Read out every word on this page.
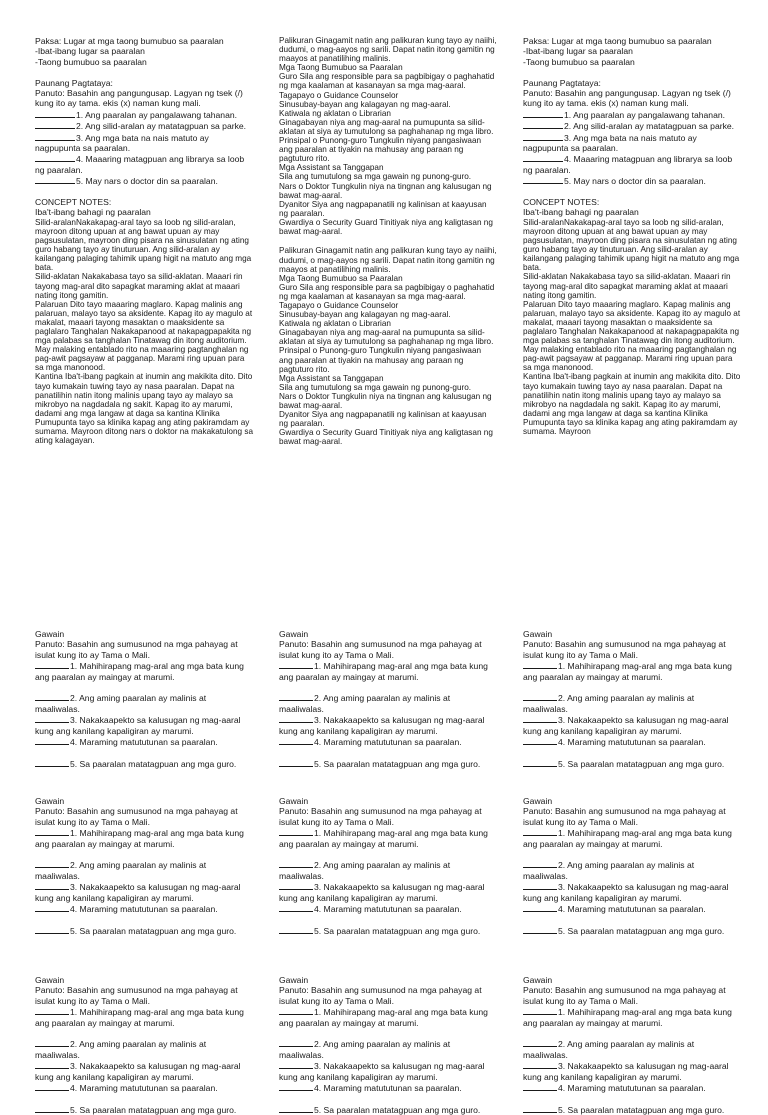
Paksa: Lugar at mga taong bumubuo sa paaralan

-Ibat-ibang lugar sa paaralan

-Taong bumubuo sa paaralan

Paunang Pagtataya:

Panuto: Basahin ang pangungusap. Lagyan ng tsek (/) kung ito ay tama. ekis (x) naman kung mali.

1. Ang paaralan ay pangalawang tahanan.

2. Ang silid-aralan ay matatagpuan sa parke.

3. Ang mga bata na nais matuto ay nagpupunta sa paaralan.

4. Maaaring matagpuan ang librarya sa loob ng paaralan.

5. May nars o doctor din sa paaralan.

CONCEPT NOTES:

Iba't-ibang bahagi ng paaralan

Silid-aralanNakakapag-aral tayo sa loob ng silid-aralan, mayroon ditong upuan at ang bawat upuan ay may pagsusulatan, mayroon ding pisara na sinusulatan ng ating guro habang tayo ay tinuturuan. Ang silid-aralan ay kailangang palaging tahimik upang higit na matuto ang mga bata.
Silid-aklatan Nakakabasa tayo sa silid-aklatan. Maaari rin tayong mag-aral dito sapagkat maraming aklat at maaari nating itong gamitin.
Palaruan Dito tayo maaaring maglaro. Kapag malinis ang palaruan, malayo tayo sa aksidente. Kapag ito ay magulo at makalat, maaari tayong masaktan o maaksidente sa paglalaro Tanghalan Nakakapanood at nakapagpapakita ng mga palabas sa tanghalan Tinatawag din itong auditorium. May malaking entablado rito na maaaring pagtanghalan ng pag-awit pagsayaw at pagganap. Marami ring upuan para sa mga manonood.
Kantina Iba't-ibang pagkain at inumin ang makikita dito. Dito tayo kumakain tuwing tayo ay nasa paaralan. Dapat na panatilihin natin itong malinis upang tayo ay malayo sa mikrobyo na nagdadala ng sakit. Kapag ito ay marumi, dadami ang mga langaw at daga sa kantina Klinika Pumupunta tayo sa klinika kapag ang ating pakiramdam ay sumama. Mayroon ditong nars o doktor na makakatulong sa ating kalagayan.
Palikuran Ginagamit natin ang palikuran kung tayo ay naiihi, dudumi, o mag-aayos ng sarili. Dapat natin itong gamitin ng maayos at panatilihing malinis.
Mga Taong Bumubuo sa Paaralan
Guro Sila ang responsible para sa pagbibigay o paghahatid ng mga kaalaman at kasanayan sa mga mag-aaral.
Tagapayo o Guidance Counselor
Sinusubay-bayan ang kalagayan ng mag-aaral.
Katiwala ng aklatan o Librarian
Ginagabayan niya ang mag-aaral na pumupunta sa silid-aklatan at siya ay tumutulong sa paghahanap ng mga libro.
Prinsipal o Punong-guro Tungkulin niyang pangasiwaan ang paaralan at tiyakin na mahusay ang paraan ng pagtuturo rito.
Mga Assistant sa Tanggapan
Sila ang tumutulong sa mga gawain ng punong-guro.
Nars o Doktor Tungkulin niya na tingnan ang kalusugan ng bawat mag-aaral.
Dyanitor Siya ang nagpapanatili ng kalinisan at kaayusan ng paaralan.
Gwardiya o Security Guard Tinitiyak niya ang kaligtasan ng bawat mag-aaral.
Palikuran Ginagamit natin ang palikuran kung tayo ay naiihi, dudumi, o mag-aayos ng sarili. Dapat natin itong gamitin ng maayos at panatilihing malinis.
Mga Taong Bumubuo sa Paaralan
Guro Sila ang responsible para sa pagbibigay o paghahatid ng mga kaalaman at kasanayan sa mga mag-aaral.
Tagapayo o Guidance Counselor
Sinusubay-bayan ang kalagayan ng mag-aaral.
Katiwala ng aklatan o Librarian
Ginagabayan niya ang mag-aaral na pumupunta sa silid-aklatan at siya ay tumutulong sa paghahanap ng mga libro.
Prinsipal o Punong-guro Tungkulin niyang pangasiwaan ang paaralan at tiyakin na mahusay ang paraan ng pagtuturo rito.
Mga Assistant sa Tanggapan
Sila ang tumutulong sa mga gawain ng punong-guro.
Nars o Doktor Tungkulin niya na tingnan ang kalusugan ng bawat mag-aaral.
Dyanitor Siya ang nagpapanatili ng kalinisan at kaayusan ng paaralan.
Gwardiya o Security Guard Tinitiyak niya ang kaligtasan ng bawat mag-aaral.

Paksa: Lugar at mga taong bumubuo sa paaralan

-Ibat-ibang lugar sa paaralan

-Taong bumubuo sa paaralan

Paunang Pagtataya:

Panuto: Basahin ang pangungusap. Lagyan ng tsek (/) kung ito ay tama. ekis (x) naman kung mali.

1. Ang paaralan ay pangalawang tahanan.

2. Ang silid-aralan ay matatagpuan sa parke.

3. Ang mga bata na nais matuto ay nagpupunta sa paaralan.

4. Maaaring matagpuan ang librarya sa loob ng paaralan.

5. May nars o doctor din sa paaralan.

CONCEPT NOTES:

Iba't-ibang bahagi ng paaralan

Silid-aralanNakakapag-aral tayo sa loob ng silid-aralan, mayroon ditong upuan at ang bawat upuan ay may pagsusulatan, mayroon ding pisara na sinusulatan ng ating guro habang tayo ay tinuturuan. Ang silid-aralan ay kailangang palaging tahimik upang higit na matuto ang mga bata.
Silid-aklatan Nakakabasa tayo sa silid-aklatan. Maaari rin tayong mag-aral dito sapagkat maraming aklat at maaari nating itong gamitin.
Palaruan Dito tayo maaaring maglaro. Kapag malinis ang palaruan, malayo tayo sa aksidente. Kapag ito ay magulo at makalat, maaari tayong masaktan o maaksidente sa paglalaro Tanghalan Nakakapanood at nakapagpapakita ng mga palabas sa tanghalan Tinatawag din itong auditorium. May malaking entablado rito na maaaring pagtanghalan ng pag-awit pagsayaw at pagganap. Marami ring upuan para sa mga manonood.
Kantina Iba't-ibang pagkain at inumin ang makikita dito. Dito tayo kumakain tuwing tayo ay nasa paaralan. Dapat na panatilihin natin itong malinis upang tayo ay malayo sa mikrobyo na nagdadala ng sakit. Kapag ito ay marumi, dadami ang mga langaw at daga sa kantina Klinika Pumupunta tayo sa klinika kapag ang ating pakiramdam ay sumama. Mayroon

Gawain

Panuto: Basahin ang sumusunod na mga pahayag at isulat kung ito ay Tama o Mali.

1. Mahihirapang mag-aral ang mga bata kung ang paaralan ay maingay at marumi.

2. Ang aming paaralan ay malinis at maaliwalas.

3. Nakakaapekto sa kalusugan ng mag-aaral kung ang kanilang kapaligiran ay marumi.

4. Maraming matututunan sa paaralan.

5. Sa paaralan matatagpuan ang mga guro.

Gawain

Panuto: Basahin ang sumusunod na mga pahayag at isulat kung ito ay Tama o Mali.

1. Mahihirapang mag-aral ang mga bata kung ang paaralan ay maingay at marumi.

2. Ang aming paaralan ay malinis at maaliwalas.

3. Nakakaapekto sa kalusugan ng mag-aaral kung ang kanilang kapaligiran ay marumi.

4. Maraming matututunan sa paaralan.

5. Sa paaralan matatagpuan ang mga guro.

Gawain

Panuto: Basahin ang sumusunod na mga pahayag at isulat kung ito ay Tama o Mali.

1. Mahihirapang mag-aral ang mga bata kung ang paaralan ay maingay at marumi.

2. Ang aming paaralan ay malinis at maaliwalas.

3. Nakakaapekto sa kalusugan ng mag-aaral kung ang kanilang kapaligiran ay marumi.

4. Maraming matututunan sa paaralan.

5. Sa paaralan matatagpuan ang mga guro.

Gawain

Panuto: Basahin ang sumusunod na mga pahayag at isulat kung ito ay Tama o Mali.

1. Mahihirapang mag-aral ang mga bata kung ang paaralan ay maingay at marumi.

2. Ang aming paaralan ay malinis at maaliwalas.

3. Nakakaapekto sa kalusugan ng mag-aaral kung ang kanilang kapaligiran ay marumi.

4. Maraming matututunan sa paaralan.

5. Sa paaralan matatagpuan ang mga guro.

Gawain

Panuto: Basahin ang sumusunod na mga pahayag at isulat kung ito ay Tama o Mali.

1. Mahihirapang mag-aral ang mga bata kung ang paaralan ay maingay at marumi.

2. Ang aming paaralan ay malinis at maaliwalas.

3. Nakakaapekto sa kalusugan ng mag-aaral kung ang kanilang kapaligiran ay marumi.

4. Maraming matututunan sa paaralan.

5. Sa paaralan matatagpuan ang mga guro.

Gawain

Panuto: Basahin ang sumusunod na mga pahayag at isulat kung ito ay Tama o Mali.

1. Mahihirapang mag-aral ang mga bata kung ang paaralan ay maingay at marumi.

2. Ang aming paaralan ay malinis at maaliwalas.

3. Nakakaapekto sa kalusugan ng mag-aaral kung ang kanilang kapaligiran ay marumi.

4. Maraming matututunan sa paaralan.

5. Sa paaralan matatagpuan ang mga guro.

Gawain

Panuto: Basahin ang sumusunod na mga pahayag at isulat kung ito ay Tama o Mali.

1. Mahihirapang mag-aral ang mga bata kung ang paaralan ay maingay at marumi.

2. Ang aming paaralan ay malinis at maaliwalas.

3. Nakakaapekto sa kalusugan ng mag-aaral kung ang kanilang kapaligiran ay marumi.

4. Maraming matututunan sa paaralan.

5. Sa paaralan matatagpuan ang mga guro.

Gawain

Panuto: Basahin ang sumusunod na mga pahayag at isulat kung ito ay Tama o Mali.

1. Mahihirapang mag-aral ang mga bata kung ang paaralan ay maingay at marumi.

2. Ang aming paaralan ay malinis at maaliwalas.

3. Nakakaapekto sa kalusugan ng mag-aaral kung ang kanilang kapaligiran ay marumi.

4. Maraming matututunan sa paaralan.

5. Sa paaralan matatagpuan ang mga guro.

Gawain

Panuto: Basahin ang sumusunod na mga pahayag at isulat kung ito ay Tama o Mali.

1. Mahihirapang mag-aral ang mga bata kung ang paaralan ay maingay at marumi.

2. Ang aming paaralan ay malinis at maaliwalas.

3. Nakakaapekto sa kalusugan ng mag-aaral kung ang kanilang kapaligiran ay marumi.

4. Maraming matututunan sa paaralan.

5. Sa paaralan matatagpuan ang mga guro.
